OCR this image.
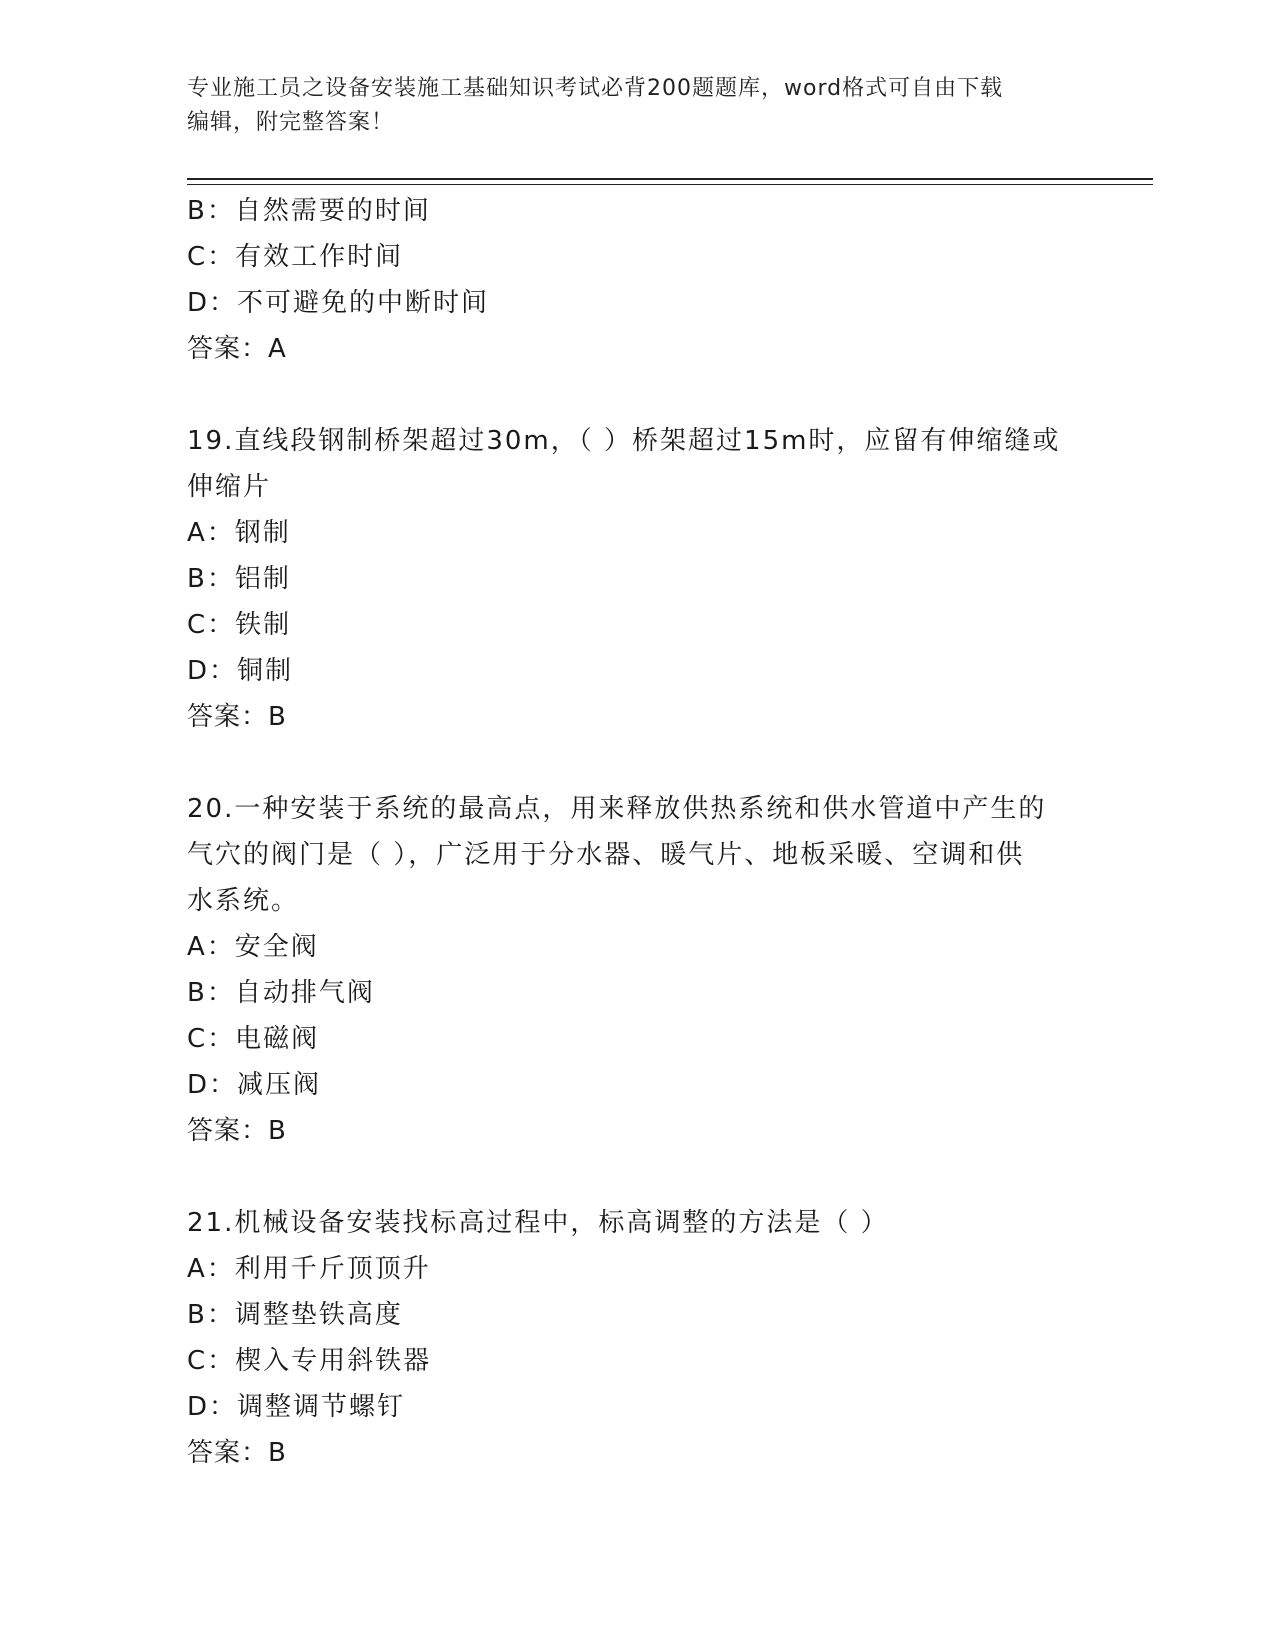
专业施工员之设备安装施工基础知识考试必背200题题库，word格式可自由下载
编辑，附完整答案！
B：自然需要的时间
C：有效工作时间
D：不可避免的中断时间
答案：A
19.直线段钢制桥架超过30m，（ ）桥架超过15m时，应留有伸缩缝或
伸缩片
A：钢制
B：铝制
C：铁制
D：铜制
答案：B
20.一种安装于系统的最高点，用来释放供热系统和供水管道中产生的
气穴的阀门是（ ），广泛用于分水器、暖气片、地板采暖、空调和供
水系统。
A：安全阀
B：自动排气阀
C：电磁阀
D：减压阀
答案：B
21.机械设备安装找标高过程中，标高调整的方法是（ ）
A：利用千斤顶顶升
B：调整垫铁高度
C：楔入专用斜铁器
D：调整调节螺钉
答案：B
